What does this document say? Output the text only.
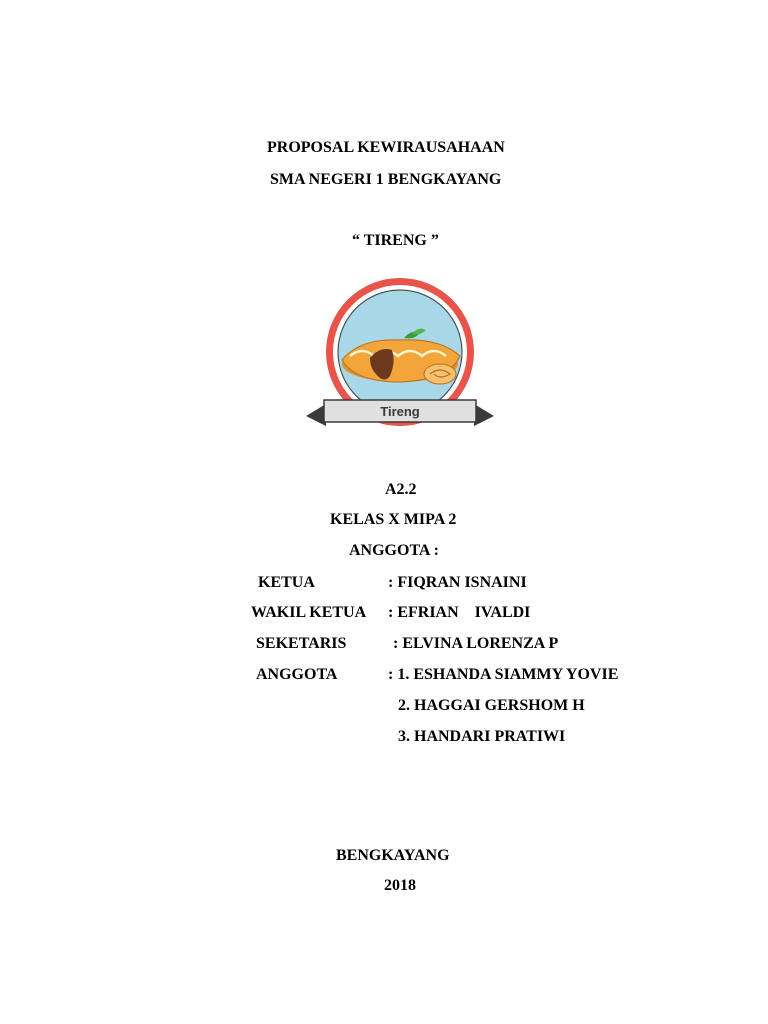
PROPOSAL KEWIRAUSAHAAN

SMA NEGERI 1 BENGKAYANG

“ TIRENG ”

Tireng

A2.2

KELAS X MIPA 2

ANGGOTA :

KETUA	: FIQRAN ISNAINI
WAKIL KETUA : EFRIAN    IVALDI
SEKETARIS	: ELVINA LORENZA P
ANGGOTA	: 1. ESHANDA SIAMMY YOVIE
2. HAGGAI GERSHOM H
3. HANDARI PRATIWI

BENGKAYANG

2018
